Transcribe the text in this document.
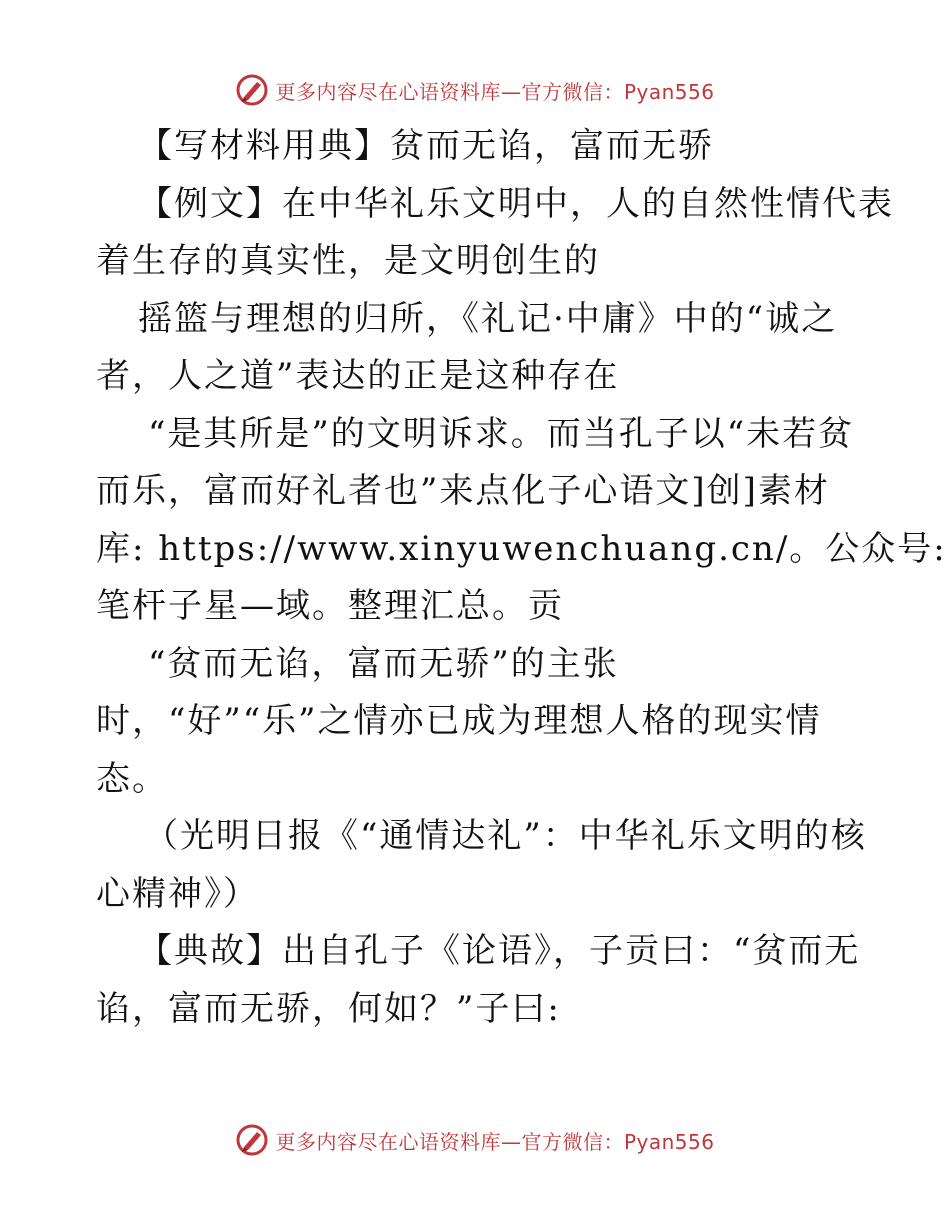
更多内容尽在心语资料库—官方微信：Pyan556
【写材料用典】贫而无谄，富而无骄
【例文】在中华礼乐文明中，人的自然性情代表
着生存的真实性，是文明创生的
摇篮与理想的归所，《礼记·中庸》中的“诚之
者，人之道”表达的正是这种存在
“是其所是”的文明诉求。而当孔子以“未若贫
而乐，富而好礼者也”来点化子心语文]创]素材
库: https://www.xinyuwenchuang.cn/。公众号:
笔杆子星—域。整理汇总。贡
“贫而无谄，富而无骄”的主张
时，“好”“乐”之情亦已成为理想人格的现实情
态。
（光明日报《“通情达礼”：中华礼乐文明的核
心精神》）
【典故】出自孔子《论语》，子贡曰：“贫而无
谄，富而无骄，何如？”子曰:
更多内容尽在心语资料库—官方微信：Pyan556
